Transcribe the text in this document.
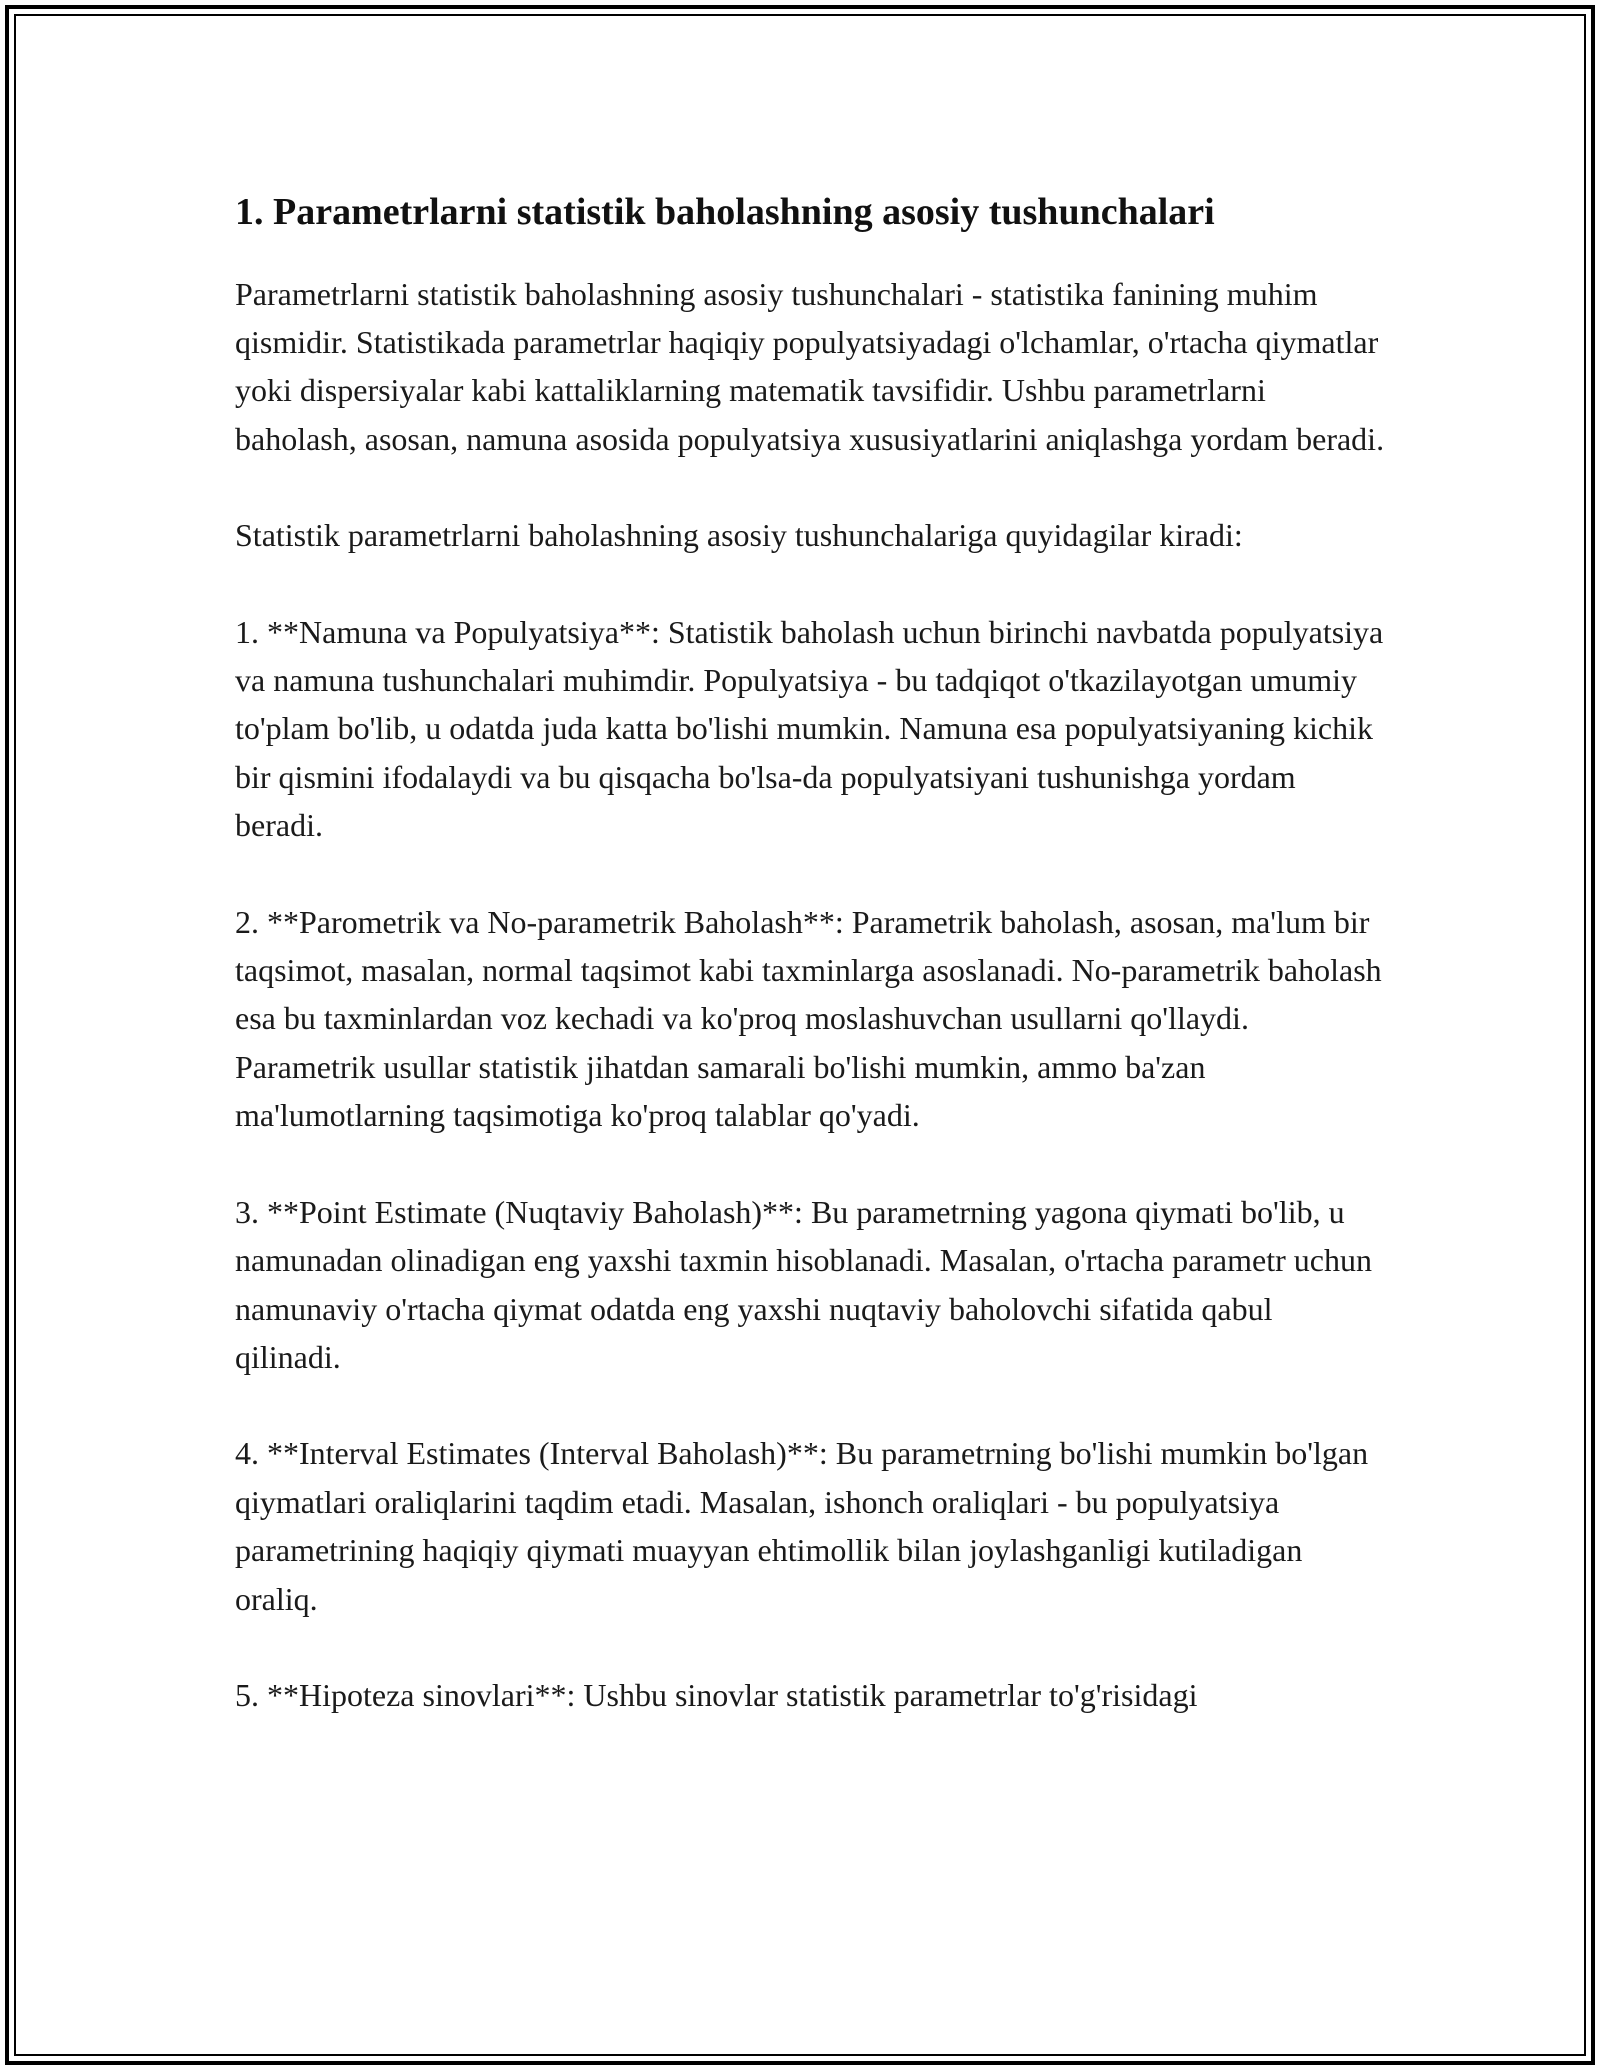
1. Parametrlarni statistik baholashning asosiy tushunchalari

Parametrlarni statistik baholashning asosiy tushunchalari - statistika fanining muhim qismidir. Statistikada parametrlar haqiqiy populyatsiyadagi o'lchamlar, o'rtacha qiymatlar yoki dispersiyalar kabi kattaliklarning matematik tavsifidir. Ushbu parametrlarni baholash, asosan, namuna asosida populyatsiya xususiyatlarini aniqlashga yordam beradi.

Statistik parametrlarni baholashning asosiy tushunchalariga quyidagilar kiradi:

1. **Namuna va Populyatsiya**: Statistik baholash uchun birinchi navbatda populyatsiya va namuna tushunchalari muhimdir. Populyatsiya - bu tadqiqot o'tkazilayotgan umumiy to'plam bo'lib, u odatda juda katta bo'lishi mumkin. Namuna esa populyatsiyaning kichik bir qismini ifodalaydi va bu qisqacha bo'lsa-da populyatsiyani tushunishga yordam beradi.

2. **Parometrik va No-parametrik Baholash**: Parametrik baholash, asosan, ma'lum bir taqsimot, masalan, normal taqsimot kabi taxminlarga asoslanadi. No-parametrik baholash esa bu taxminlardan voz kechadi va ko'proq moslashuvchan usullarni qo'llaydi. Parametrik usullar statistik jihatdan samarali bo'lishi mumkin, ammo ba'zan ma'lumotlarning taqsimotiga ko'proq talablar qo'yadi.

3. **Point Estimate (Nuqtaviy Baholash)**: Bu parametrning yagona qiymati bo'lib, u namunadan olinadigan eng yaxshi taxmin hisoblanadi. Masalan, o'rtacha parametr uchun namunaviy o'rtacha qiymat odatda eng yaxshi nuqtaviy baholovchi sifatida qabul qilinadi.

4. **Interval Estimates (Interval Baholash)**: Bu parametrning bo'lishi mumkin bo'lgan qiymatlari oraliqlarini taqdim etadi. Masalan, ishonch oraliqlari - bu populyatsiya parametrining haqiqiy qiymati muayyan ehtimollik bilan joylashganligi kutiladigan oraliq.

5. **Hipoteza sinovlari**: Ushbu sinovlar statistik parametrlar to'g'risidagi
